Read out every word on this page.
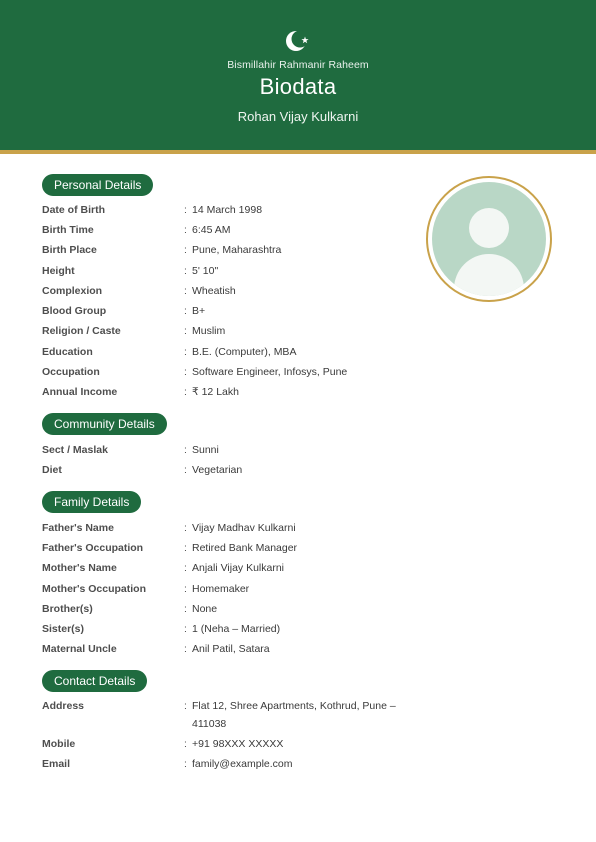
Bismillahir Rahmanir Raheem
Biodata
Rohan Vijay Kulkarni
Personal Details
Date of Birth	: 14 March 1998
Birth Time	: 6:45 AM
Birth Place	: Pune, Maharashtra
Height	: 5' 10"
Complexion	: Wheatish
Blood Group	: B+
Religion / Caste	: Muslim
Education	: B.E. (Computer), MBA
Occupation	: Software Engineer, Infosys, Pune
Annual Income	: ₹ 12 Lakh
Community Details
Sect / Maslak	: Sunni
Diet	: Vegetarian
Family Details
Father's Name	: Vijay Madhav Kulkarni
Father's Occupation	: Retired Bank Manager
Mother's Name	: Anjali Vijay Kulkarni
Mother's Occupation	: Homemaker
Brother(s)	: None
Sister(s)	: 1 (Neha – Married)
Maternal Uncle	: Anil Patil, Satara
Contact Details
Address	: Flat 12, Shree Apartments, Kothrud, Pune – 411038
Mobile	: +91 98XXX XXXXX
Email	: family@example.com
